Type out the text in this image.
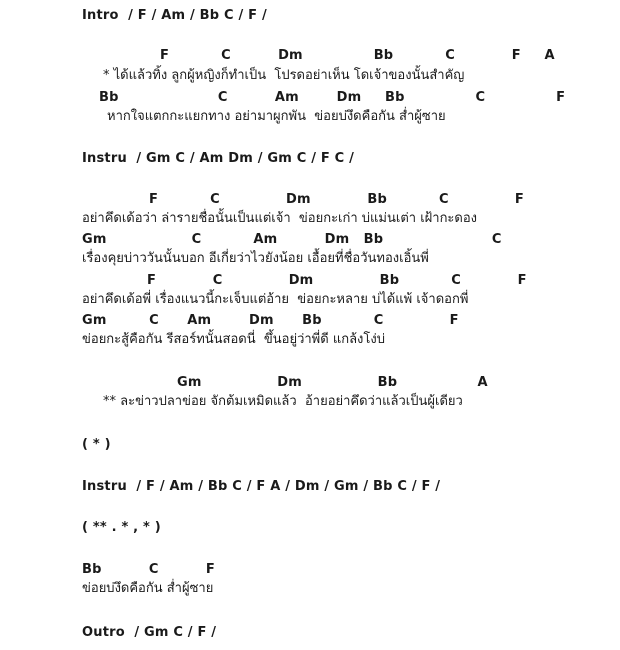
Intro  / F / Am / Bb C / F /
F           C          Dm               Bb           C            F     A
* ได้แล้วทิ้ง ลูกผู้หญิงก็ทำเป็น  โปรดอย่าเห็น โดเจ้าของนั้นสำคัญ
Bb                     C          Am        Dm     Bb               C               F
หากใจแตกกะแยกทาง อย่ามาผูกพัน  ข่อยบ่งึดคือกัน ส่ำผู้ซาย
Instru  / Gm C / Am Dm / Gm C / F C /
F           C              Dm            Bb           C              F
อย่าคึดเด้อว่า ล่ารายชื่อนั้นเป็นแต่เจ้า  ข่อยกะเก่า บ่แม่นเต่า เฝ้ากะดอง
Gm                  C           Am          Dm   Bb                       C
เรื่องคุยบ่าววันนั้นบอก อีเกี่ยว่าไวยังน้อย เอื้อยที่ชื่อวันทองเอิ้นพี่
F            C              Dm              Bb           C            F
อย่าคึดเด้อพี่ เรื่องแนวนี้กะเจ็บแต่อ้าย  ข่อยกะหลาย บ่ได้แพ้ เจ้าดอกพี่
Gm         C      Am        Dm      Bb           C              F
ข่อยกะสู้คือกัน รีสอร์ทนั้นสอดนี่  ขึ้นอยู่ว่าพี่ดี แกล้งโง่บ่
Gm                Dm                Bb                 A
** ละข่าวปลาข่อย จักต้มเหมิดแล้ว  อ้ายอย่าคึดว่าแล้วเป็นผู้เดียว
( * )
Instru  / F / Am / Bb C / F A / Dm / Gm / Bb C / F /
( ** . * , * )
Bb          C          F
ข่อยบ่งึดคือกัน ส่ำผู้ซาย
Outro  / Gm C / F /
